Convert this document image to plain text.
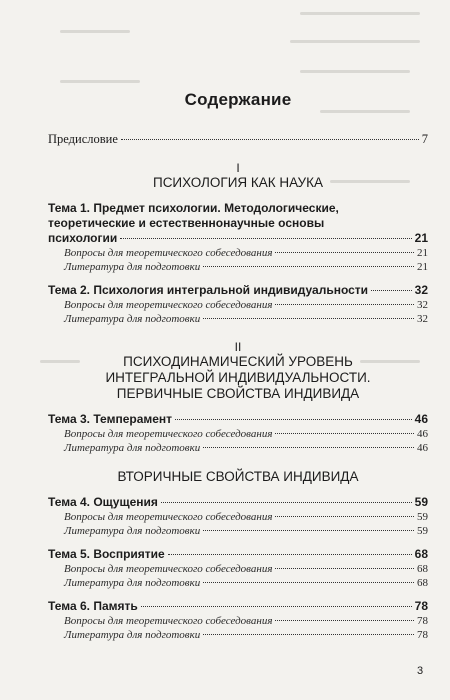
Содержание
Предисловие	7
I
ПСИХОЛОГИЯ КАК НАУКА
Тема 1. Предмет психологии. Методологические,
теоретические и естественнонаучные основы
психологии	21
Вопросы для теоретического собеседования	21
Литература для подготовки	21
Тема 2. Психология интегральной индивидуальности	32
Вопросы для теоретического собеседования	32
Литература для подготовки	32
II
ПСИХОДИНАМИЧЕСКИЙ УРОВЕНЬ
ИНТЕГРАЛЬНОЙ ИНДИВИДУАЛЬНОСТИ.
ПЕРВИЧНЫЕ СВОЙСТВА ИНДИВИДА
Тема 3. Темперамент	46
Вопросы для теоретического собеседования	46
Литература для подготовки	46
ВТОРИЧНЫЕ СВОЙСТВА ИНДИВИДА
Тема 4. Ощущения	59
Вопросы для теоретического собеседования	59
Литература для подготовки	59
Тема 5. Восприятие	68
Вопросы для теоретического собеседования	68
Литература для подготовки	68
Тема 6. Память	78
Вопросы для теоретического собеседования	78
Литература для подготовки	78
3
